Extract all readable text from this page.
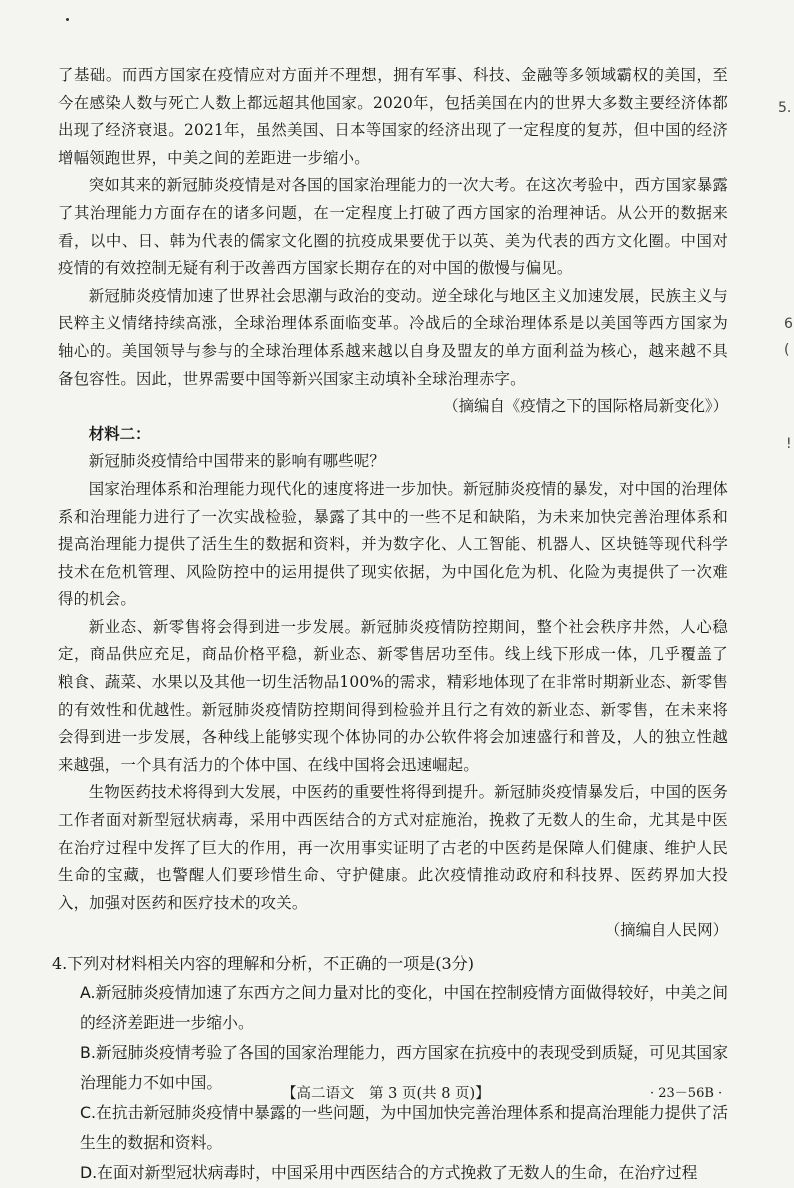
了基础。而西方国家在疫情应对方面并不理想，拥有军事、科技、金融等多领域霸权的美国，至今在感染人数与死亡人数上都远超其他国家。2020年，包括美国在内的世界大多数主要经济体都出现了经济衰退。2021年，虽然美国、日本等国家的经济出现了一定程度的复苏，但中国的经济增幅领跑世界，中美之间的差距进一步缩小。

突如其来的新冠肺炎疫情是对各国的国家治理能力的一次大考。在这次考验中，西方国家暴露了其治理能力方面存在的诸多问题，在一定程度上打破了西方国家的治理神话。从公开的数据来看，以中、日、韩为代表的儒家文化圈的抗疫成果要优于以英、美为代表的西方文化圈。中国对疫情的有效控制无疑有利于改善西方国家长期存在的对中国的傲慢与偏见。

新冠肺炎疫情加速了世界社会思潮与政治的变动。逆全球化与地区主义加速发展，民族主义与民粹主义情绪持续高涨，全球治理体系面临变革。冷战后的全球治理体系是以美国等西方国家为轴心的。美国领导与参与的全球治理体系越来越以自身及盟友的单方面利益为核心，越来越不具备包容性。因此，世界需要中国等新兴国家主动填补全球治理赤字。

（摘编自《疫情之下的国际格局新变化》）

材料二：

新冠肺炎疫情给中国带来的影响有哪些呢？

国家治理体系和治理能力现代化的速度将进一步加快。新冠肺炎疫情的暴发，对中国的治理体系和治理能力进行了一次实战检验，暴露了其中的一些不足和缺陷，为未来加快完善治理体系和提高治理能力提供了活生生的数据和资料，并为数字化、人工智能、机器人、区块链等现代科学技术在危机管理、风险防控中的运用提供了现实依据，为中国化危为机、化险为夷提供了一次难得的机会。

新业态、新零售将会得到进一步发展。新冠肺炎疫情防控期间，整个社会秩序井然，人心稳定，商品供应充足，商品价格平稳，新业态、新零售居功至伟。线上线下形成一体，几乎覆盖了粮食、蔬菜、水果以及其他一切生活物品100%的需求，精彩地体现了在非常时期新业态、新零售的有效性和优越性。新冠肺炎疫情防控期间得到检验并且行之有效的新业态、新零售，在未来将会得到进一步发展，各种线上能够实现个体协同的办公软件将会加速盛行和普及，人的独立性越来越强，一个具有活力的个体中国、在线中国将会迅速崛起。

生物医药技术将得到大发展，中医药的重要性将得到提升。新冠肺炎疫情暴发后，中国的医务工作者面对新型冠状病毒，采用中西医结合的方式对症施治，挽救了无数人的生命，尤其是中医在治疗过程中发挥了巨大的作用，再一次用事实证明了古老的中医药是保障人们健康、维护人民生命的宝藏，也警醒人们要珍惜生命、守护健康。此次疫情推动政府和科技界、医药界加大投入，加强对医药和医疗技术的攻关。

（摘编自人民网）

4.下列对材料相关内容的理解和分析，不正确的一项是(3分)

A.新冠肺炎疫情加速了东西方之间力量对比的变化，中国在控制疫情方面做得较好，中美之间的经济差距进一步缩小。

B.新冠肺炎疫情考验了各国的国家治理能力，西方国家在抗疫中的表现受到质疑，可见其国家治理能力不如中国。

C.在抗击新冠肺炎疫情中暴露的一些问题，为中国加快完善治理体系和提高治理能力提供了活生生的数据和资料。

D.在面对新型冠状病毒时，中国采用中西医结合的方式挽救了无数人的生命，在治疗过程

5.
6
(
!
【高二语文　第 3 页(共 8 页)】	· 23－56B ·
